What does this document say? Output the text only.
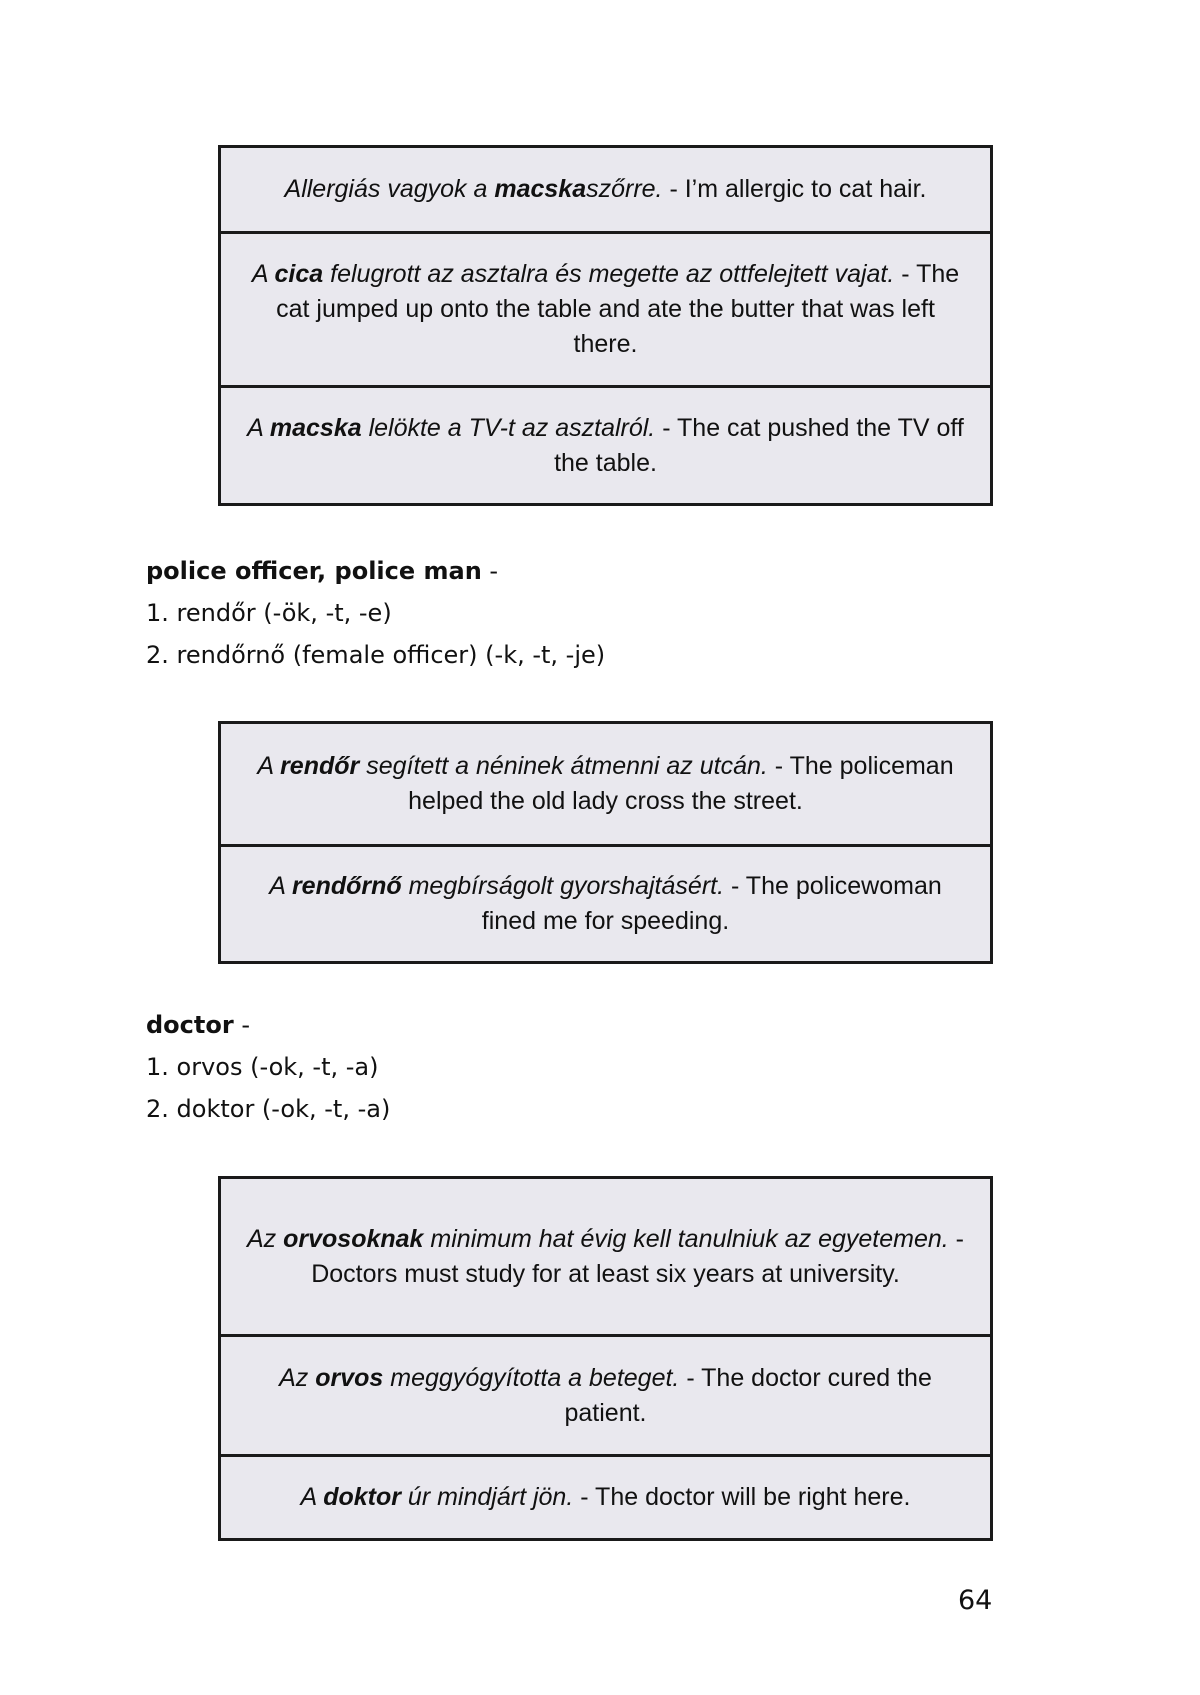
Allergiás vagyok a macskaszőrre. - I’m allergic to cat hair.
A cica felugrott az asztalra és megette az ottfelejtett vajat. - The cat jumped up onto the table and ate the butter that was left there.
A macska lelökte a TV-t az asztalról. - The cat pushed the TV off the table.
police officer, police man -
1. rendőr (-ök, -t, -e)
2. rendőrnő (female officer) (-k, -t, -je)
A rendőr segített a néninek átmenni az utcán. - The policeman helped the old lady cross the street.
A rendőrnő megbírságolt gyorshajtásért. - The policewoman fined me for speeding.
doctor -
1. orvos (-ok, -t, -a)
2. doktor (-ok, -t, -a)
Az orvosoknak minimum hat évig kell tanulniuk az egyetemen. - Doctors must study for at least six years at university.
Az orvos meggyógyította a beteget. - The doctor cured the patient.
A doktor úr mindjárt jön. - The doctor will be right here.
64
